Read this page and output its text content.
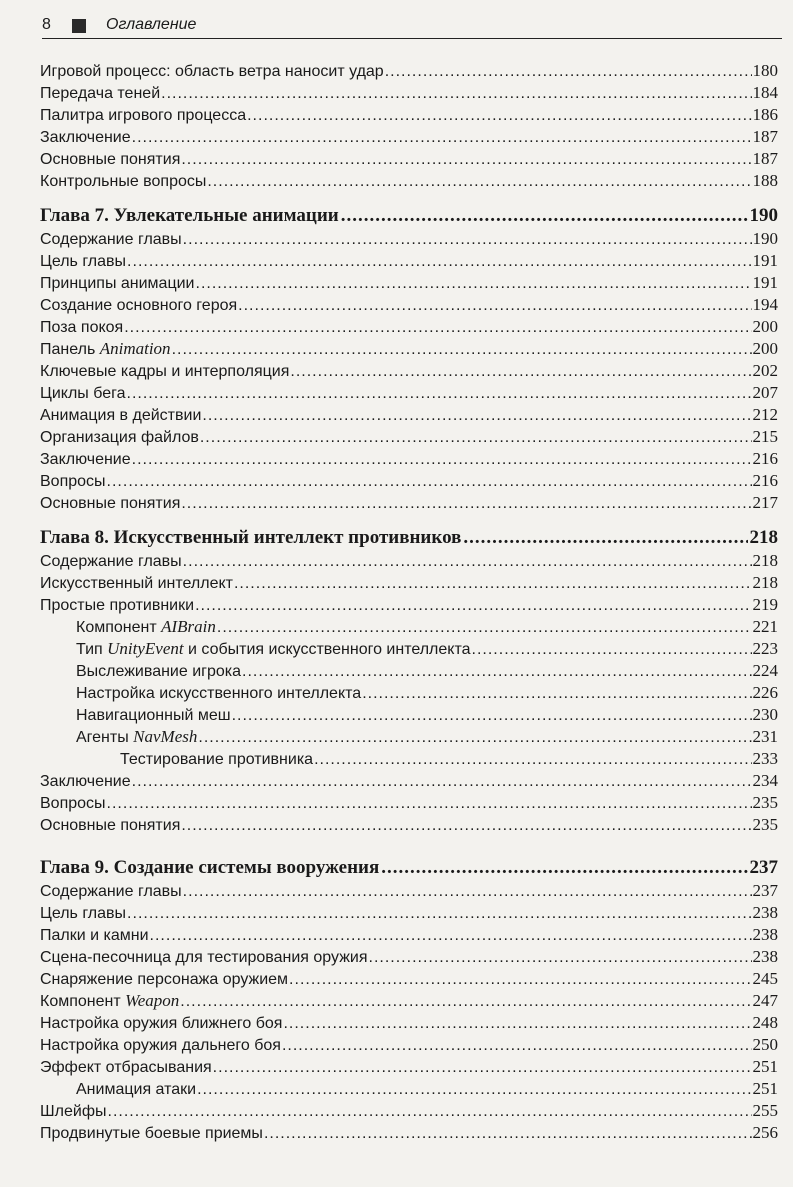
8	Оглавление
Игровой процесс: область ветра наносит удар .....	180
Передача теней .....	184
Палитра игрового процесса .....	186
Заключение .....	187
Основные понятия .....	187
Контрольные вопросы .....	188
Глава 7. Увлекательные анимации .....	190
Содержание главы .....	190
Цель главы .....	191
Принципы анимации .....	191
Создание основного героя .....	194
Поза покоя .....	200
Панель Animation .....	200
Ключевые кадры и интерполяция .....	202
Циклы бега .....	207
Анимация в действии .....	212
Организация файлов .....	215
Заключение .....	216
Вопросы .....	216
Основные понятия .....	217
Глава 8. Искусственный интеллект противников .....	218
Содержание главы .....	218
Искусственный интеллект .....	218
Простые противники .....	219
Компонент AIBrain .....	221
Тип UnityEvent и события искусственного интеллекта .....	223
Выслеживание игрока .....	224
Настройка искусственного интеллекта .....	226
Навигационный меш .....	230
Агенты NavMesh .....	231
Тестирование противника .....	233
Заключение .....	234
Вопросы .....	235
Основные понятия .....	235
Глава 9. Создание системы вооружения .....	237
Содержание главы .....	237
Цель главы .....	238
Палки и камни .....	238
Сцена-песочница для тестирования оружия .....	238
Снаряжение персонажа оружием .....	245
Компонент Weapon .....	247
Настройка оружия ближнего боя .....	248
Настройка оружия дальнего боя .....	250
Эффект отбрасывания .....	251
Анимация атаки .....	251
Шлейфы .....	255
Продвинутые боевые приемы .....	256
